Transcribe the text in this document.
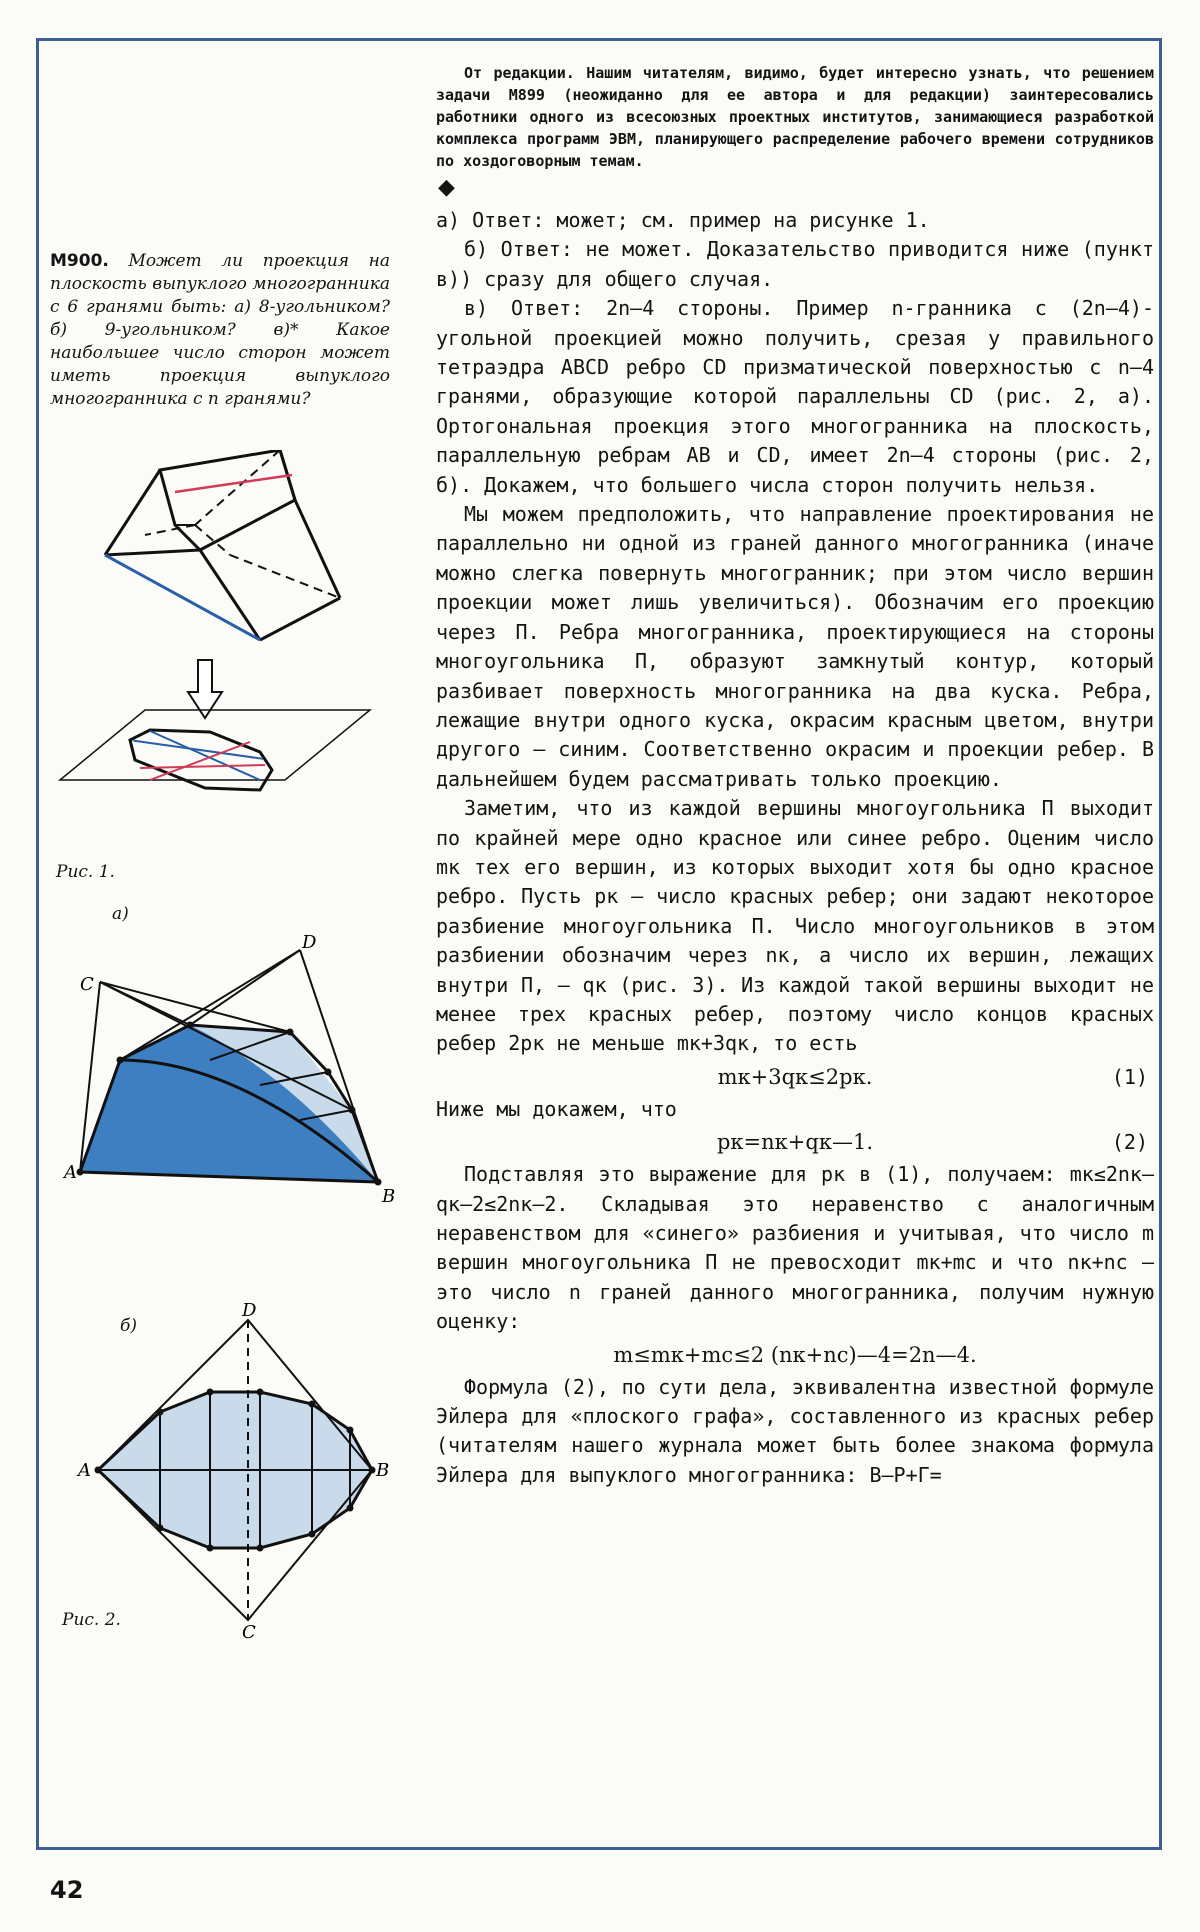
М900. Может ли проекция на плоскость выпуклого многогранника с 6 гранями быть: а) 8-угольником? б) 9-угольником? в)* Какое наибольшее число сторон может иметь проекция выпуклого многогранника с n гранями?

Рис. 1.
а)
A
B
C
D
б)
A	B
C
D
Рис. 2.

От редакции. Нашим читателям, видимо, будет интересно узнать, что решением задачи М899 (неожиданно для ее автора и для редакции) заинтересовались работники одного из всесоюзных проектных институтов, занимающиеся разработкой комплекса программ ЭВМ, планирующего распределение рабочего времени сотрудников по хоздоговорным темам.

◆

а) Ответ: может; см. пример на рисунке 1.

б) Ответ: не может. Доказательство приводится ниже (пункт в)) сразу для общего случая.

в) Ответ: 2n—4 стороны. Пример n-гранника с (2n—4)-угольной проекцией можно получить, срезая у правильного тетраэдра ABCD ребро CD призматической поверхностью с n—4 гранями, образующие которой параллельны CD (рис. 2, а). Ортогональная проекция этого многогранника на плоскость, параллельную ребрам AB и CD, имеет 2n—4 стороны (рис. 2, б). Докажем, что большего числа сторон получить нельзя.

Мы можем предположить, что направление проектирования не параллельно ни одной из граней данного многогранника (иначе можно слегка повернуть многогранник; при этом число вершин проекции может лишь увеличиться). Обозначим его проекцию через П. Ребра многогранника, проектирующиеся на стороны многоугольника П, образуют замкнутый контур, который разбивает поверхность многогранника на два куска. Ребра, лежащие внутри одного куска, окрасим красным цветом, внутри другого — синим. Соответственно окрасим и проекции ребер. В дальнейшем будем рассматривать только проекцию.

Заметим, что из каждой вершины многоугольника П выходит по крайней мере одно красное или синее ребро. Оценим число mк тех его вершин, из которых выходит хотя бы одно красное ребро. Пусть pк — число красных ребер; они задают некоторое разбиение многоугольника П. Число многоугольников в этом разбиении обозначим через nк, а число их вершин, лежащих внутри П, — qк (рис. 3). Из каждой такой вершины выходит не менее трех красных ребер, поэтому число концов красных ребер 2pк не меньше mк+3qк, то есть

mк+3qк≤2pк.	(1)

Ниже мы докажем, что

pк=nк+qк—1.	(2)

Подставляя это выражение для pк в (1), получаем: mк≤2nк—qк—2≤2nк—2. Складывая это неравенство с аналогичным неравенством для «синего» разбиения и учитывая, что число m вершин многоугольника П не превосходит mк+mс и что nк+nс — это число n граней данного многогранника, получим нужную оценку:

m≤mк+mс≤2 (nк+nс)—4=2n—4.

Формула (2), по сути дела, эквивалентна известной формуле Эйлера для «плоского графа», составленного из красных ребер (читателям нашего журнала может быть более знакома формула Эйлера для выпуклого многогранника: В—Р+Г=

42
